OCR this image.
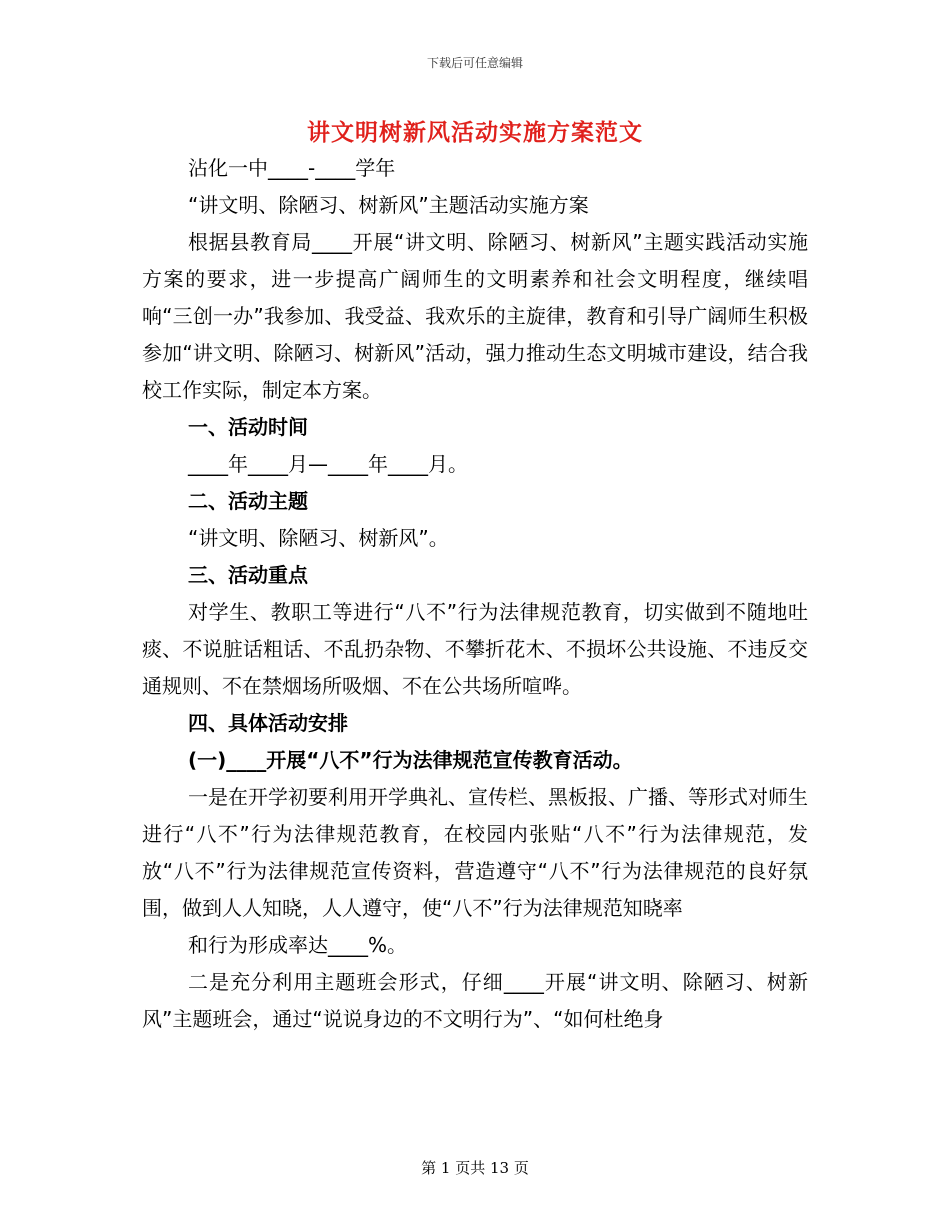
下载后可任意编辑
讲文明树新风活动实施方案范文

沾化一中____-____学年

“讲文明、除陋习、树新风”主题活动实施方案

根据县教育局____开展“讲文明、除陋习、树新风”主题实践活动实施方案的要求，进一步提高广阔师生的文明素养和社会文明程度，继续唱响“三创一办”我参加、我受益、我欢乐的主旋律，教育和引导广阔师生积极参加“讲文明、除陋习、树新风”活动，强力推动生态文明城市建设，结合我校工作实际，制定本方案。

一、活动时间

____年____月—____年____月。

二、活动主题

“讲文明、除陋习、树新风”。

三、活动重点

对学生、教职工等进行“八不”行为法律规范教育，切实做到不随地吐痰、不说脏话粗话、不乱扔杂物、不攀折花木、不损坏公共设施、不违反交通规则、不在禁烟场所吸烟、不在公共场所喧哗。

四、具体活动安排

(一)____开展“八不”行为法律规范宣传教育活动。

一是在开学初要利用开学典礼、宣传栏、黑板报、广播、等形式对师生进行“八不”行为法律规范教育，在校园内张贴“八不”行为法律规范，发放“八不”行为法律规范宣传资料，营造遵守“八不”行为法律规范的良好氛围，做到人人知晓，人人遵守，使“八不”行为法律规范知晓率

和行为形成率达____%。

二是充分利用主题班会形式，仔细____开展“讲文明、除陋习、树新风”主题班会，通过“说说身边的不文明行为”、“如何杜绝身

第 1 页共 13 页
